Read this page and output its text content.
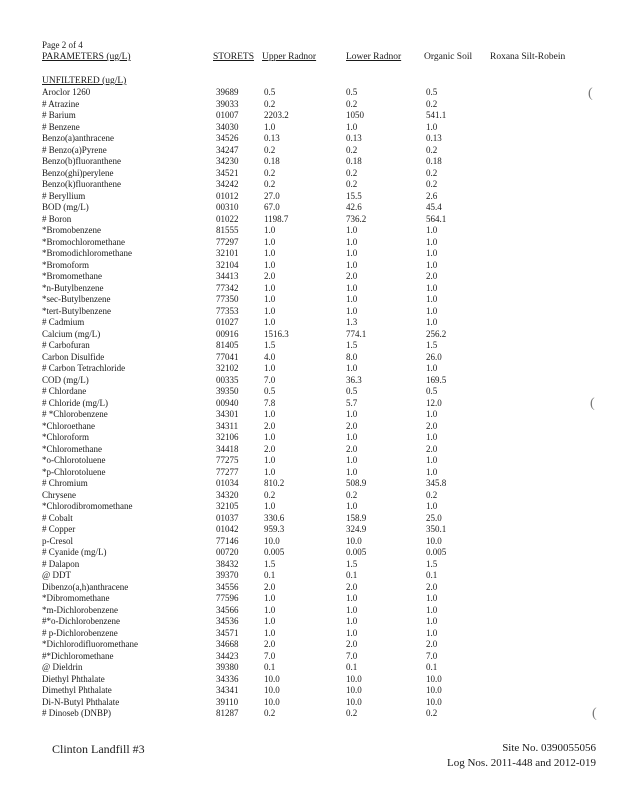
Page 2 of 4
PARAMETERS (ug/L)	STORETS Upper Radnor	Lower Radnor Organic Soil Roxana Silt-Robein
UNFILTERED (ug/L)
Aroclor 1260	39689	0.5	0.5	0.5
# Atrazine	39033	0.2	0.2	0.2
# Barium	01007	2203.2	1050	541.1
# Benzene	34030	1.0	1.0	1.0
Benzo(a)anthracene	34526	0.13	0.13	0.13
# Benzo(a)Pyrene	34247	0.2	0.2	0.2
Benzo(b)fluoranthene	34230	0.18	0.18	0.18
Benzo(ghi)perylene	34521	0.2	0.2	0.2
Benzo(k)fluoranthene	34242	0.2	0.2	0.2
# Beryllium	01012	27.0	15.5	2.6
BOD (mg/L)	00310	67.0	42.6	45.4
# Boron	01022	1198.7	736.2	564.1
*Bromobenzene	81555	1.0	1.0	1.0
*Bromochloromethane	77297	1.0	1.0	1.0
*Bromodichloromethane	32101	1.0	1.0	1.0
*Bromoform	32104	1.0	1.0	1.0
*Bromomethane	34413	2.0	2.0	2.0
*n-Butylbenzene	77342	1.0	1.0	1.0
*sec-Butylbenzene	77350	1.0	1.0	1.0
*tert-Butylbenzene	77353	1.0	1.0	1.0
# Cadmium	01027	1.0	1.3	1.0
Calcium (mg/L)	00916	1516.3	774.1	256.2
# Carbofuran	81405	1.5	1.5	1.5
Carbon Disulfide	77041	4.0	8.0	26.0
# Carbon Tetrachloride	32102	1.0	1.0	1.0
COD (mg/L)	00335	7.0	36.3	169.5
# Chlordane	39350	0.5	0.5	0.5
# Chloride (mg/L)	00940	7.8	5.7	12.0
# *Chlorobenzene	34301	1.0	1.0	1.0
*Chloroethane	34311	2.0	2.0	2.0
*Chloroform	32106	1.0	1.0	1.0
*Chloromethane	34418	2.0	2.0	2.0
*o-Chlorotoluene	77275	1.0	1.0	1.0
*p-Chlorotoluene	77277	1.0	1.0	1.0
# Chromium	01034	810.2	508.9	345.8
Chrysene	34320	0.2	0.2	0.2
*Chlorodibromomethane	32105	1.0	1.0	1.0
# Cobalt	01037	330.6	158.9	25.0
# Copper	01042	959.3	324.9	350.1
p-Cresol	77146	10.0	10.0	10.0
# Cyanide (mg/L)	00720	0.005	0.005	0.005
# Dalapon	38432	1.5	1.5	1.5
@ DDT	39370	0.1	0.1	0.1
Dibenzo(a,h)anthracene	34556	2.0	2.0	2.0
*Dibromomethane	77596	1.0	1.0	1.0
*m-Dichlorobenzene	34566	1.0	1.0	1.0
#*o-Dichlorobenzene	34536	1.0	1.0	1.0
# p-Dichlorobenzene	34571	1.0	1.0	1.0
*Dichlorodifluoromethane	34668	2.0	2.0	2.0
#*Dichloromethane	34423	7.0	7.0	7.0
@ Dieldrin	39380	0.1	0.1	0.1
Diethyl Phthalate	34336	10.0	10.0	10.0
Dimethyl Phthalate	34341	10.0	10.0	10.0
Di-N-Butyl Phthalate	39110	10.0	10.0	10.0
# Dinoseb (DNBP)	81287	0.2	0.2	0.2
Clinton Landfill #3	Site No. 0390055056
Log Nos. 2011-448 and 2012-019
(
(
(
